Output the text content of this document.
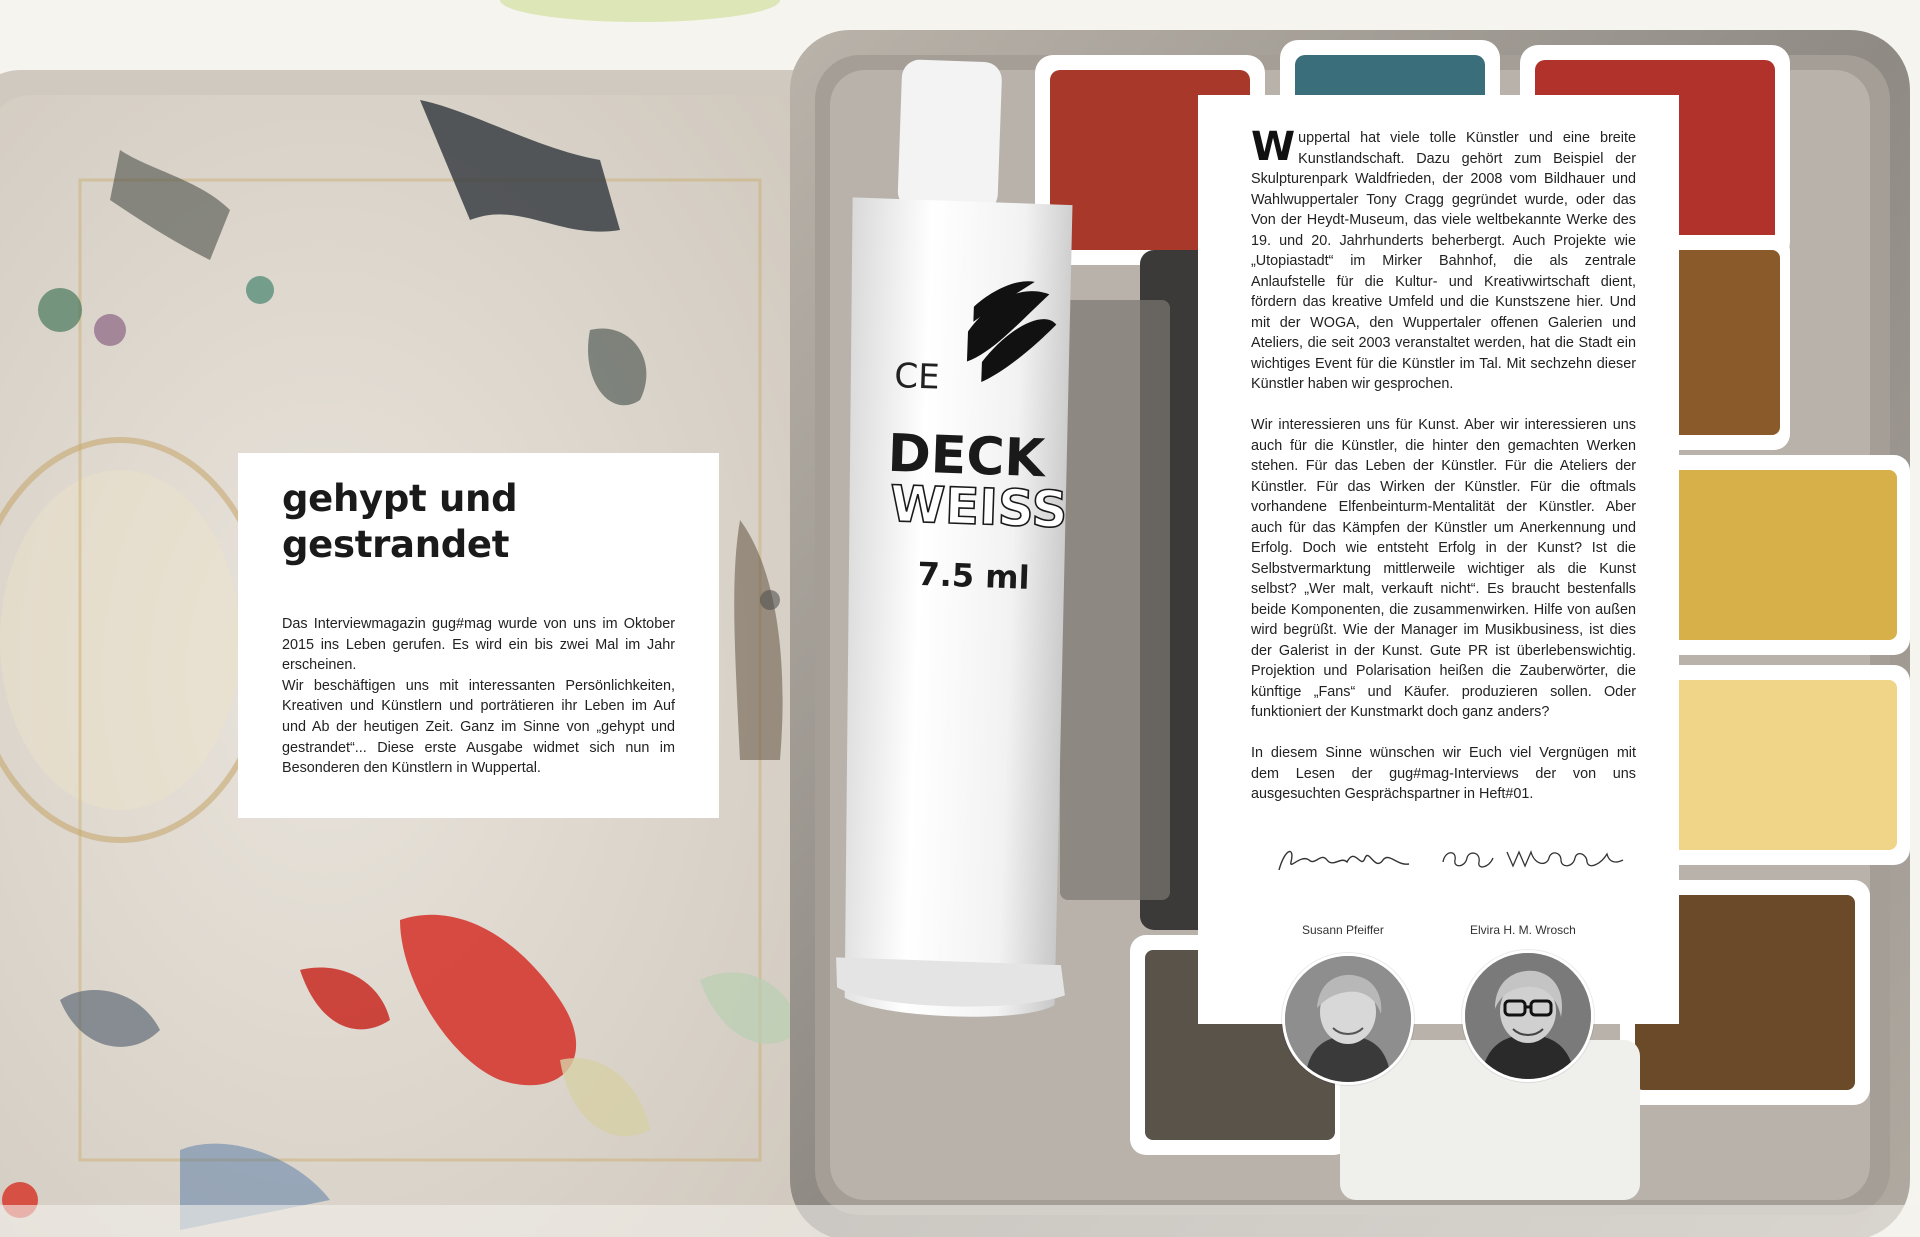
CE
DECK
WEISS
7.5 ml
gehypt und
gestrandet

Das Interviewmagazin gug#mag wurde von uns im Oktober 2015 ins Leben gerufen. Es wird ein bis zwei Mal im Jahr erscheinen.

Wir beschäftigen uns mit interessanten Persönlichkeiten, Kreativen und Künstlern und porträtieren ihr Leben im Auf und Ab der heutigen Zeit. Ganz im Sinne von „gehypt und gestrandet“... Diese erste Ausgabe widmet sich nun im Besonderen den Künstlern in Wuppertal.

Wuppertal hat viele tolle Künstler und eine breite Kunstlandschaft. Dazu gehört zum Beispiel der Skulpturenpark Waldfrieden, der 2008 vom Bildhauer und Wahlwuppertaler Tony Cragg gegründet wurde, oder das Von der Heydt-Museum, das viele weltbekannte Werke des 19. und 20. Jahrhunderts beherbergt. Auch Projekte wie „Utopiastadt“ im Mirker Bahnhof, die als zentrale Anlaufstelle für die Kultur- und Kreativwirtschaft dient, fördern das kreative Umfeld und die Kunstszene hier. Und mit der WOGA, den Wuppertaler offenen Galerien und Ateliers, die seit 2003 veranstaltet werden, hat die Stadt ein wichtiges Event für die Künstler im Tal. Mit sechzehn dieser Künstler haben wir gesprochen.

Wir interessieren uns für Kunst. Aber wir interessieren uns auch für die Künstler, die hinter den gemachten Werken stehen. Für das Leben der Künstler. Für die Ateliers der Künstler. Für das Wirken der Künstler. Für die oftmals vorhandene Elfenbeinturm-Mentalität der Künstler. Aber auch für das Kämpfen der Künstler um Anerkennung und Erfolg. Doch wie entsteht Erfolg in der Kunst? Ist die Selbstvermarktung mittlerweile wichtiger als die Kunst selbst? „Wer malt, verkauft nicht“. Es braucht bestenfalls beide Komponenten, die zusammenwirken. Hilfe von außen wird begrüßt. Wie der Manager im Musikbusiness, ist dies der Galerist in der Kunst. Gute PR ist überlebenswichtig. Projektion und Polarisation heißen die Zauberwörter, die künftige „Fans“ und Käufer. produzieren sollen. Oder funktioniert der Kunstmarkt doch ganz anders?

In diesem Sinne wünschen wir Euch viel Vergnügen mit dem Lesen der gug#mag-Interviews der von uns ausgesuchten Gesprächspartner in Heft#01.

Susann Pfeiffer	Elvira H. M. Wrosch
